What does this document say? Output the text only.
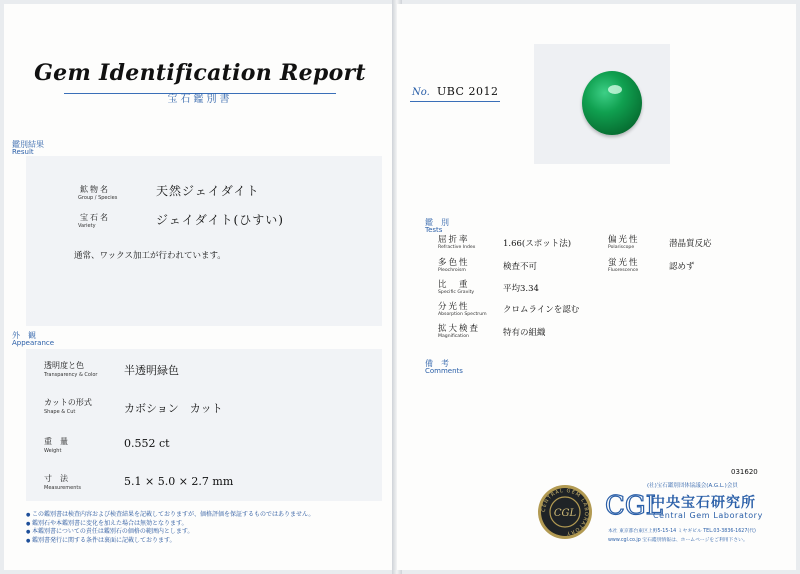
Gem Identification Report
宝石鑑別書
鑑別結果
Result
鉱物名
Group / Species	天然ジェイダイト
宝石名
Variety	ジェイダイト(ひすい)
通常、ワックス加工が行われています。
外　観
Appearance
透明度と色
Transparency & Color 半透明緑色
カットの形式
Shape & Cut	カボション　カット
重　量
Weight
0.552 ct
寸　法
Measurements	5.1 × 5.0 × 2.7 mm
● この鑑別書は検査内容および検査結果を記載しておりますが、価格評価を保証するものではありません。
● 鑑別石や本鑑別書に変化を加えた場合は無効となります。
● 本鑑別書についての責任は鑑別石の価格の範囲内とします。
● 鑑別書発行に関する条件は裏面に記載しております。
No. UBC 2012
鑑　別
Tests
屈折率
Refractive Index	1.66(スポット法)
多色性
Pleochroism	検査不可
比　重
Specific Gravity	平均3.34
分光性
Absorption Spectrum クロムラインを認む
拡大検査
Magnification	特有の組織
偏光性
Polariscope	潜晶質反応
蛍光性
Fluorescence	認めず
備　考
Comments
031620
CENTRAL GEM LABORATORY
CGL CGL
(社)宝石鑑別団体協議会(A.G.L.)会員
中央宝石研究所
Central Gem Laboratory
本社 東京都台東区上野5-15-14 ミヤギビル TEL.03-3836-1627(代)
www.cgl.co.jp 宝石鑑別情報は、ホームページをご利用下さい。
